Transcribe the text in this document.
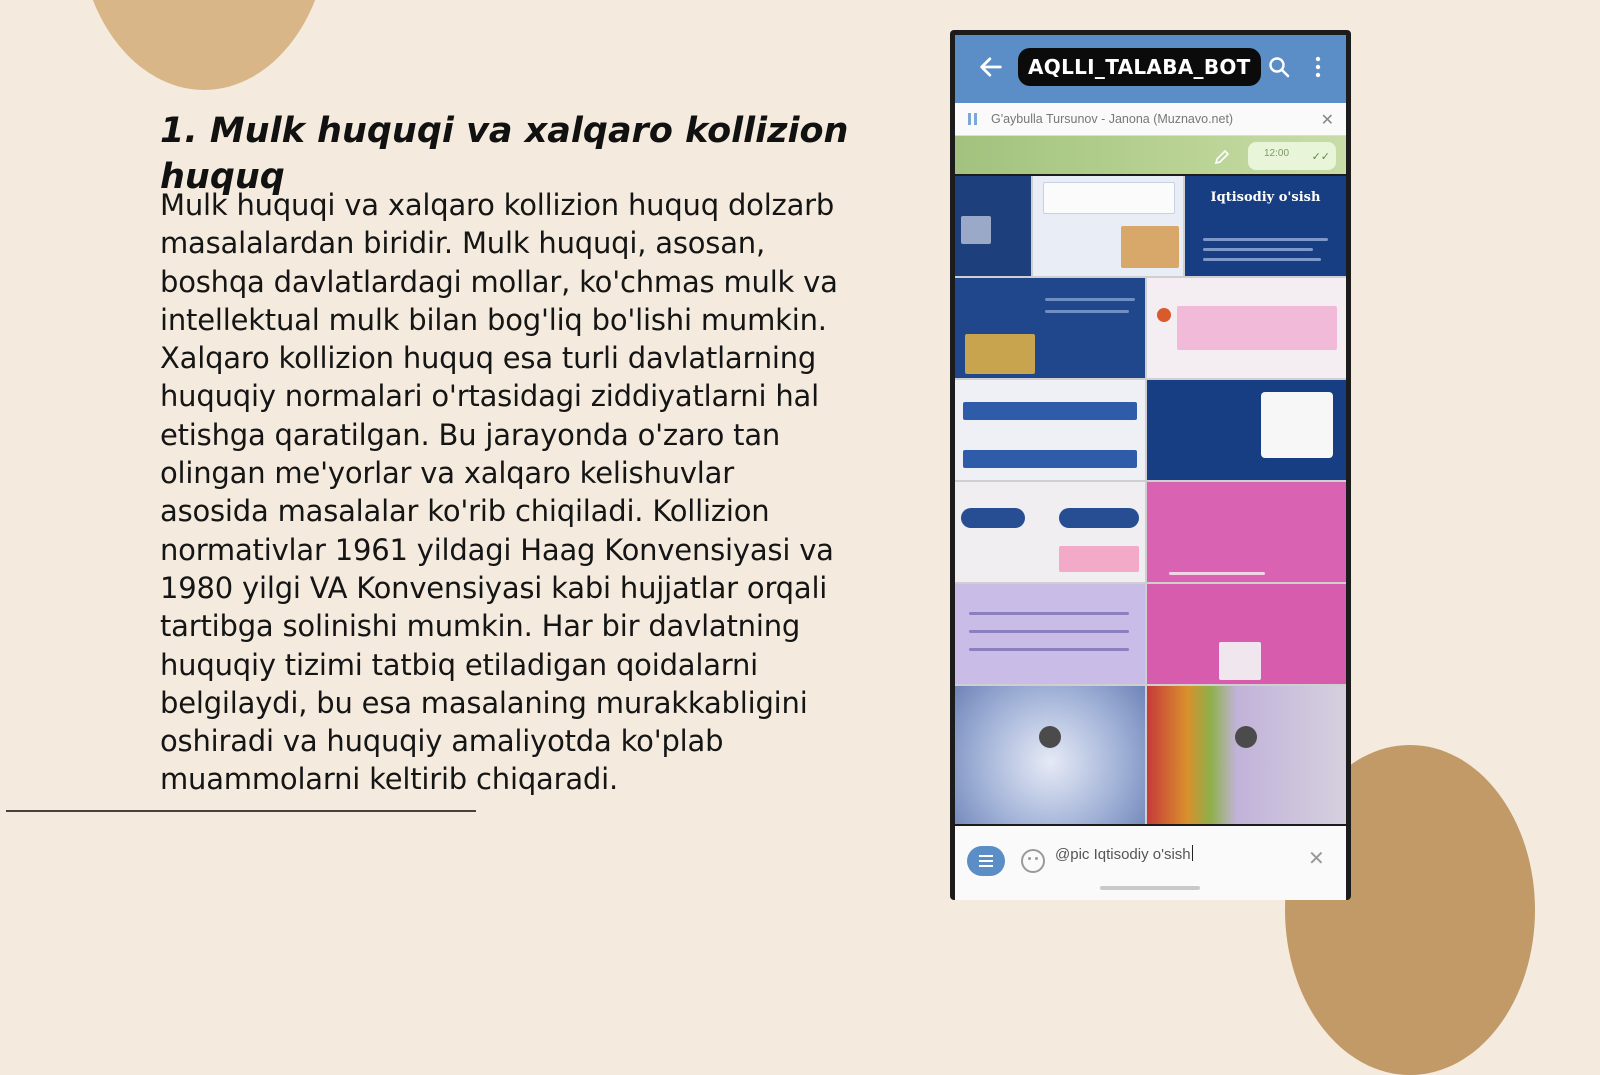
1. Mulk huquqi va xalqaro kollizion huquq

Mulk huquqi va xalqaro kollizion huquq dolzarb masalalardan biridir. Mulk huquqi, asosan, boshqa davlatlardagi mollar, ko'chmas mulk va intellektual mulk bilan bog'liq bo'lishi mumkin. Xalqaro kollizion huquq esa turli davlatlarning huquqiy normalari o'rtasidagi ziddiyatlarni hal etishga qaratilgan. Bu jarayonda o'zaro tan olingan me'yorlar va xalqaro kelishuvlar asosida masalalar ko'rib chiqiladi. Kollizion normativlar 1961 yildagi Haag Konvensiyasi va 1980 yilgi VA Konvensiyasi kabi hujjatlar orqali tartibga solinishi mumkin. Har bir davlatning huquqiy tizimi tatbiq etiladigan qoidalarni belgilaydi, bu esa masalaning murakkabligini oshiradi va huquqiy amaliyotda ko'plab muammolarni keltirib chiqaradi.

AQLLI_TALABA_BOT
G'aybulla Tursunov - Janona (Muznavo.net)	✕
12:00 ✓✓
Iqtisodiy o'sish
@pic Iqtisodiy o'sish	✕
